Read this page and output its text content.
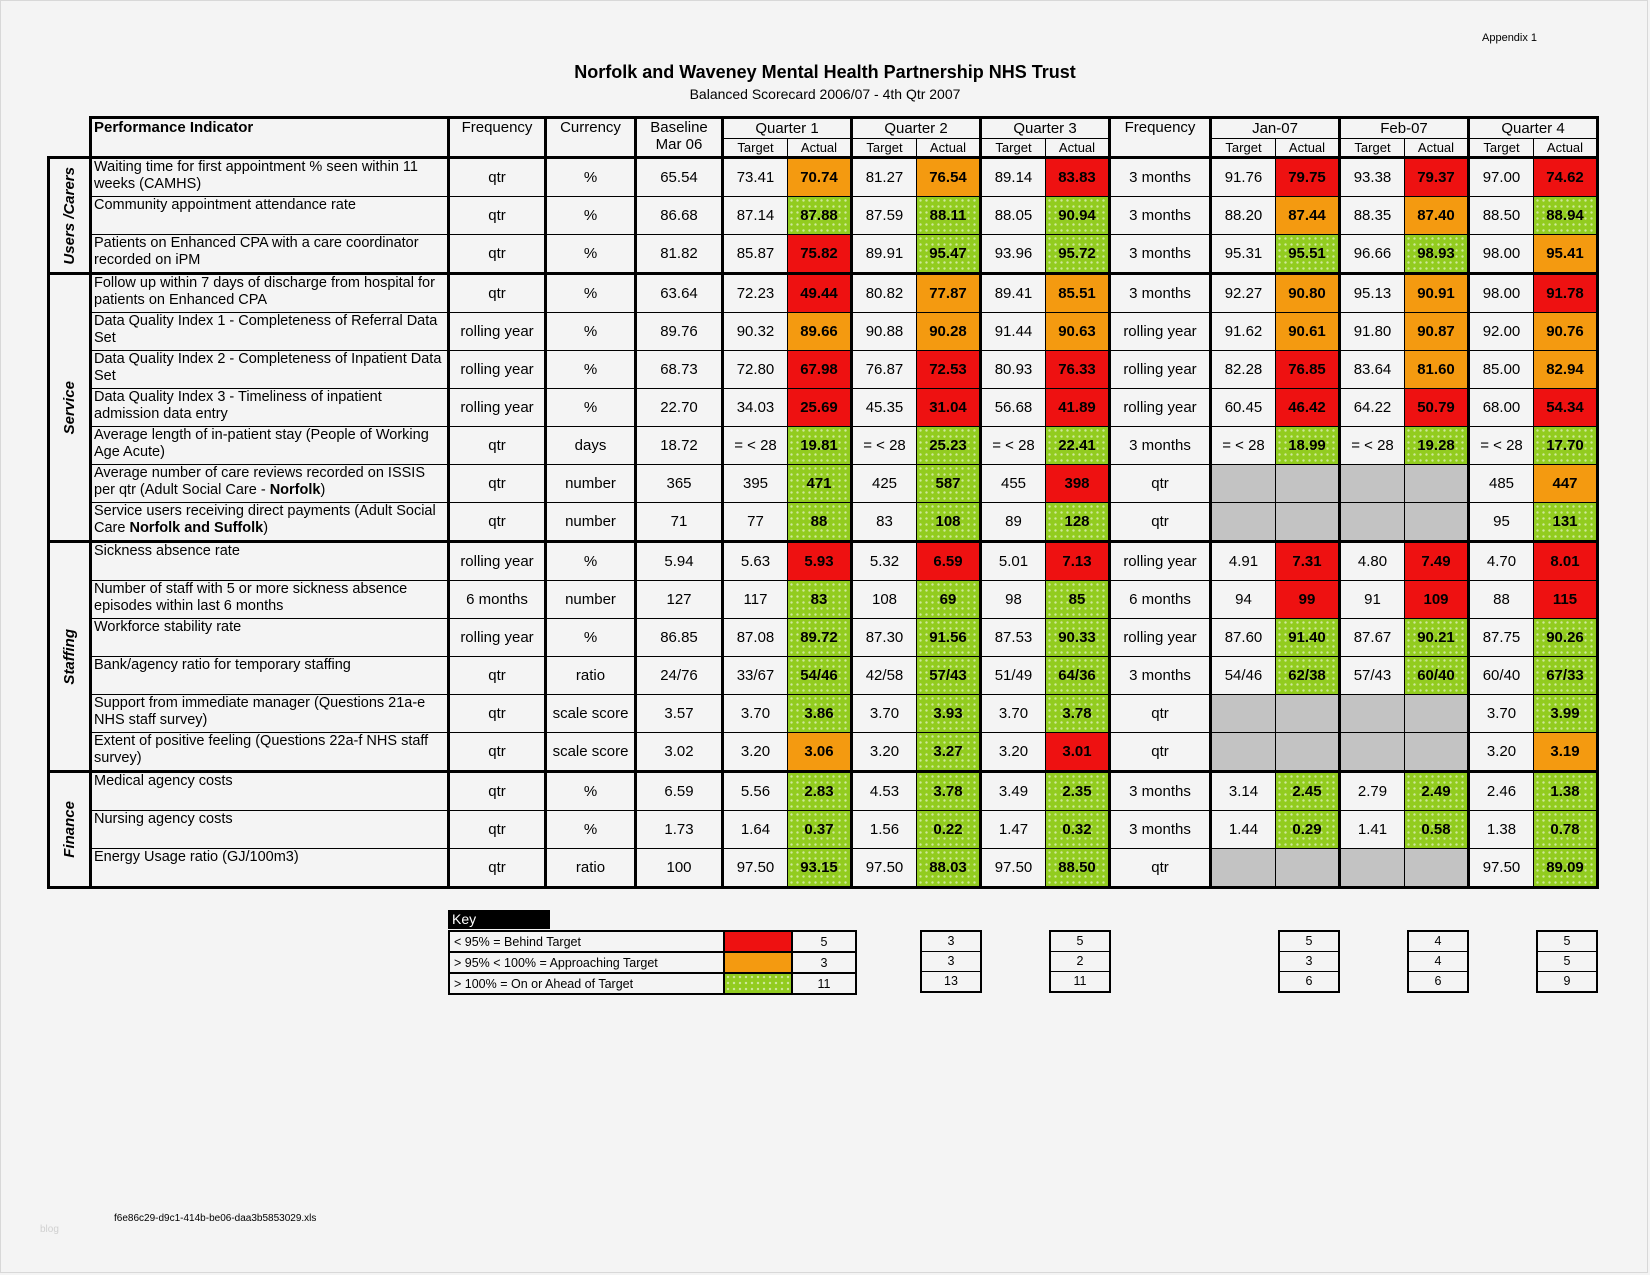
Appendix 1
Norfolk and Waveney Mental Health Partnership NHS Trust
Balanced Scorecard 2006/07 - 4th Qtr 2007
	Performance Indicator	Frequency	Currency	Baseline
Mar 06	Quarter 1		Quarter 2		Quarter 3		Frequency	Jan-07		Feb-07		Quarter 4	
					Target	Actual	Target	Actual	Target	Actual		Target	Actual	Target	Actual	Target	Actual

Users /Carers	Waiting time for first appointment % seen within 11 weeks (CAMHS)	qtr	%	65.54	73.41	70.74	81.27	76.54	89.14	83.83	3 months	91.76	79.75	93.38	79.37	97.00	74.62
	Community appointment attendance rate	qtr	%	86.68	87.14	87.88	87.59	88.11	88.05	90.94	3 months	88.20	87.44	88.35	87.40	88.50	88.94
	Patients on Enhanced CPA with a care coordinator recorded on iPM	qtr	%	81.82	85.87	75.82	89.91	95.47	93.96	95.72	3 months	95.31	95.51	96.66	98.93	98.00	95.41

Service	Follow up within 7 days of discharge from hospital for patients on Enhanced CPA	qtr	%	63.64	72.23	49.44	80.82	77.87	89.41	85.51	3 months	92.27	90.80	95.13	90.91	98.00	91.78
	Data Quality Index 1 - Completeness of Referral Data Set	rolling year	%	89.76	90.32	89.66	90.88	90.28	91.44	90.63	rolling year	91.62	90.61	91.80	90.87	92.00	90.76
	Data Quality Index 2 - Completeness of Inpatient Data Set	rolling year	%	68.73	72.80	67.98	76.87	72.53	80.93	76.33	rolling year	82.28	76.85	83.64	81.60	85.00	82.94
	Data Quality Index 3 - Timeliness of inpatient admission data entry	rolling year	%	22.70	34.03	25.69	45.35	31.04	56.68	41.89	rolling year	60.45	46.42	64.22	50.79	68.00	54.34
	Average length of in-patient stay (People of Working Age Acute)	qtr	days	18.72	= < 28	19.81	= < 28	25.23	= < 28	22.41	3 months	= < 28	18.99	= < 28	19.28	= < 28	17.70
	Average number of care reviews recorded on ISSIS per qtr (Adult Social Care - Norfolk)	qtr	number	365	395	471	425	587	455	398	qtr					485	447
	Service users receiving direct payments (Adult Social Care Norfolk and Suffolk)	qtr	number	71	77	88	83	108	89	128	qtr					95	131

Staffing	Sickness absence rate	rolling year	%	5.94	5.63	5.93	5.32	6.59	5.01	7.13	rolling year	4.91	7.31	4.80	7.49	4.70	8.01
	Number of staff with 5 or more sickness absence episodes within last 6 months	6 months	number	127	117	83	108	69	98	85	6 months	94	99	91	109	88	115
	Workforce stability rate	rolling year	%	86.85	87.08	89.72	87.30	91.56	87.53	90.33	rolling year	87.60	91.40	87.67	90.21	87.75	90.26
	Bank/agency ratio for temporary staffing	qtr	ratio	24/76	33/67	54/46	42/58	57/43	51/49	64/36	3 months	54/46	62/38	57/43	60/40	60/40	67/33
	Support from immediate manager (Questions 21a-e NHS staff survey)	qtr	scale score	3.57	3.70	3.86	3.70	3.93	3.70	3.78	qtr					3.70	3.99
	Extent of positive feeling (Questions 22a-f NHS staff survey)	qtr	scale score	3.02	3.20	3.06	3.20	3.27	3.20	3.01	qtr					3.20	3.19

Finance	Medical agency costs	qtr	%	6.59	5.56	2.83	4.53	3.78	3.49	2.35	3 months	3.14	2.45	2.79	2.49	2.46	1.38
	Nursing agency costs	qtr	%	1.73	1.64	0.37	1.56	0.22	1.47	0.32	3 months	1.44	0.29	1.41	0.58	1.38	0.78
	Energy Usage ratio (GJ/100m3)	qtr	ratio	100	97.50	93.15	97.50	88.03	97.50	88.50	qtr					97.50	89.09
Key
< 95% = Behind Target		5
> 95% < 100% = Approaching Target		3
> 100% = On or Ahead of Target		11
3
3
13
5
2
11
5
3
6
4
4
6
5
5
9
f6e86c29-d9c1-414b-be06-daa3b5853029.xls
blog
